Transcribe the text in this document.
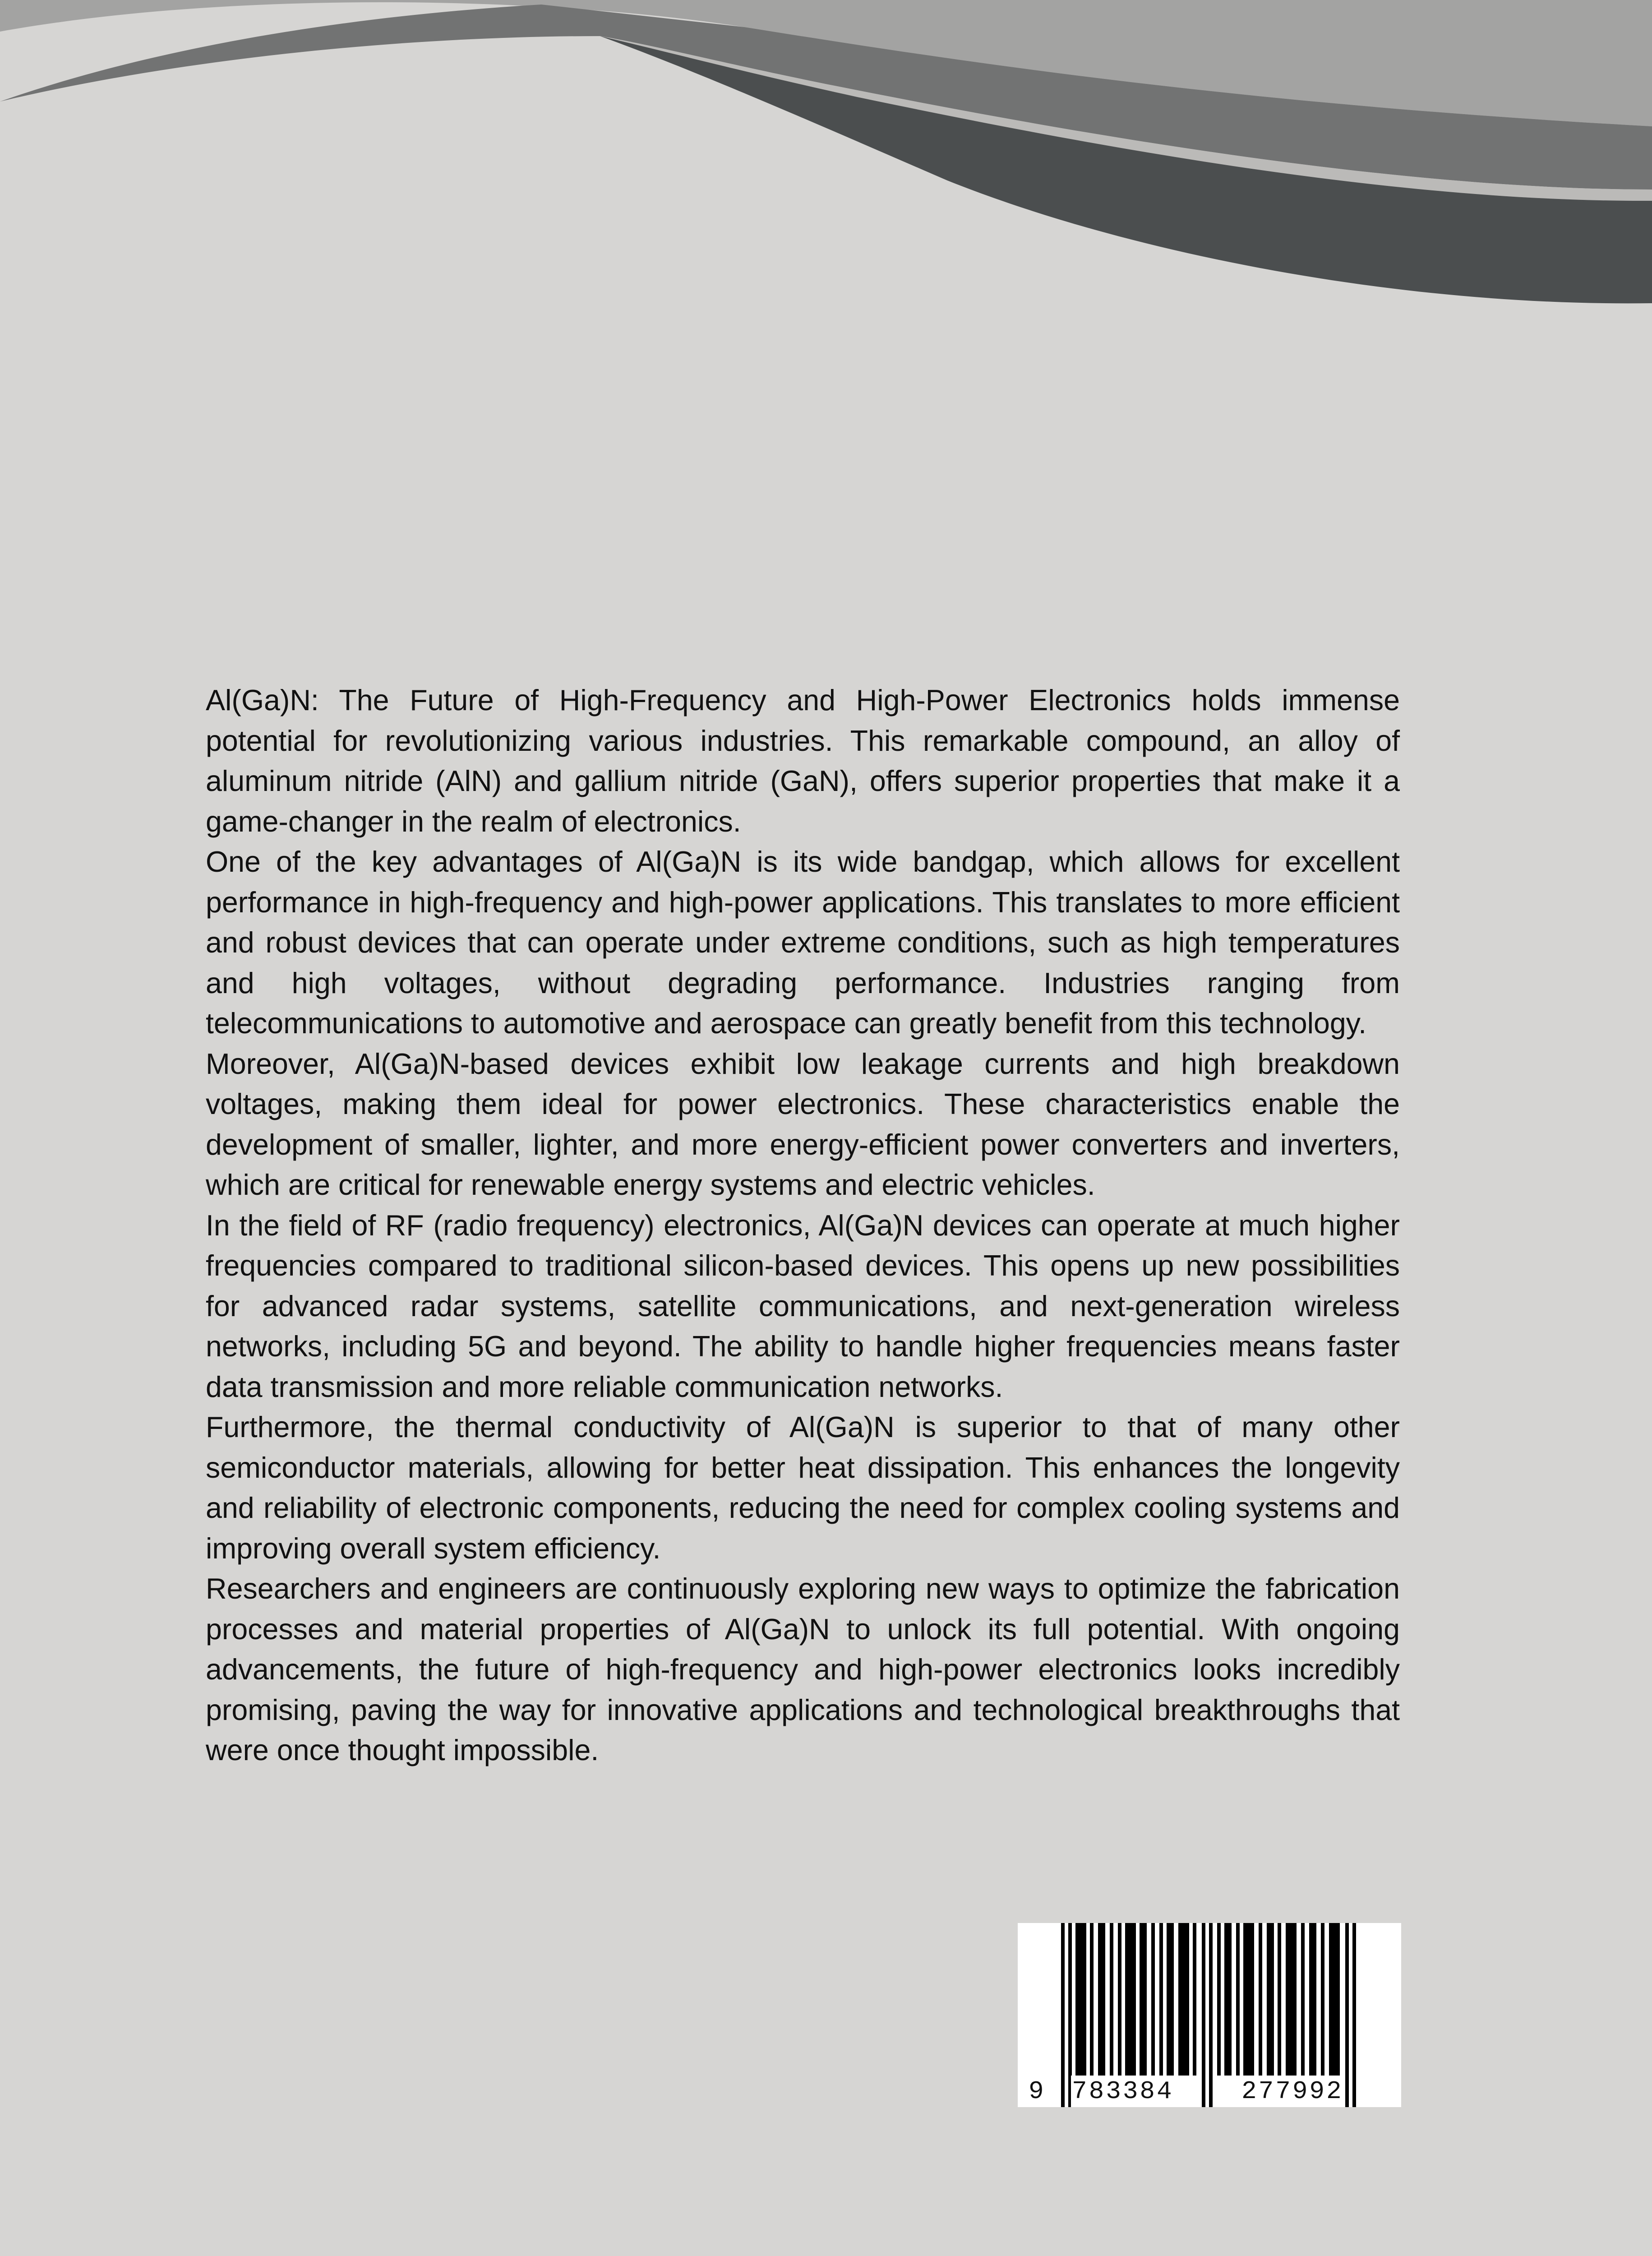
Al(Ga)N: The Future of High-Frequency and High-Power Electronics holds immense potential for revolutionizing various industries. This remarkable compound, an alloy of aluminum nitride (AlN) and gallium nitride (GaN), offers superior properties that make it a game-changer in the realm of electronics.

One of the key advantages of Al(Ga)N is its wide bandgap, which allows for excellent performance in high-frequency and high-power applications. This translates to more efficient and robust devices that can operate under extreme conditions, such as high temperatures and high voltages, without degrading performance. Industries ranging from telecommunications to automotive and aerospace can greatly benefit from this technology.

Moreover, Al(Ga)N-based devices exhibit low leakage currents and high breakdown voltages, making them ideal for power electronics. These characteristics enable the development of smaller, lighter, and more energy-efficient power converters and inverters, which are critical for renewable energy systems and electric vehicles.

In the field of RF (radio frequency) electronics, Al(Ga)N devices can operate at much higher frequencies compared to traditional silicon-based devices. This opens up new possibilities for advanced radar systems, satellite communications, and next-generation wireless networks, including 5G and beyond. The ability to handle higher frequencies means faster data transmission and more reliable communication networks.

Furthermore, the thermal conductivity of Al(Ga)N is superior to that of many other semiconductor materials, allowing for better heat dissipation. This enhances the longevity and reliability of electronic components, reducing the need for complex cooling systems and improving overall system efficiency.

Researchers and engineers are continuously exploring new ways to optimize the fabrication processes and material properties of Al(Ga)N to unlock its full potential. With ongoing advancements, the future of high-frequency and high-power electronics looks incredibly promising, paving the way for innovative applications and technological breakthroughs that were once thought impossible.

9 783384	277992
